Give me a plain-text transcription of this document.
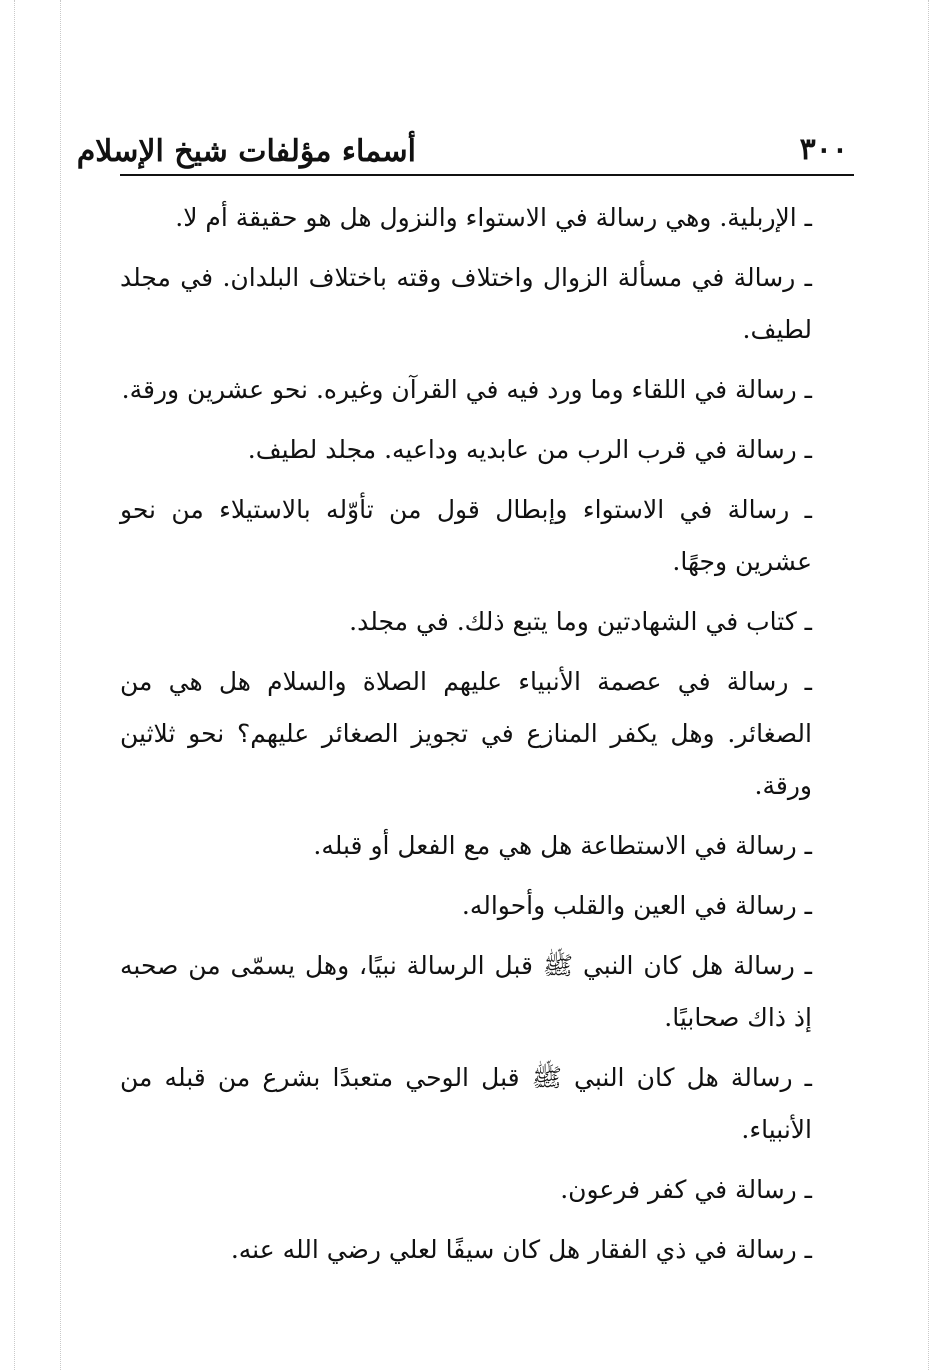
٣٠٠
أسماء مؤلفات شيخ الإسلام

ـ الإربلية. وهي رسالة في الاستواء والنزول هل هو حقيقة أم لا.

ـ رسالة في مسألة الزوال واختلاف وقته باختلاف البلدان. في مجلد لطيف.

ـ رسالة في اللقاء وما ورد فيه في القرآن وغيره. نحو عشرين ورقة.

ـ رسالة في قرب الرب من عابديه وداعيه. مجلد لطيف.

ـ رسالة في الاستواء وإبطال قول من تأوّله بالاستيلاء من نحو عشرين وجهًا.

ـ كتاب في الشهادتين وما يتبع ذلك. في مجلد.

ـ رسالة في عصمة الأنبياء عليهم الصلاة والسلام هل هي من الصغائر. وهل يكفر المنازع في تجويز الصغائر عليهم؟ نحو ثلاثين ورقة.

ـ رسالة في الاستطاعة هل هي مع الفعل أو قبله.

ـ رسالة في العين والقلب وأحواله.

ـ رسالة هل كان النبي ﷺ قبل الرسالة نبيًا، وهل يسمّى من صحبه إذ ذاك صحابيًا.

ـ رسالة هل كان النبي ﷺ قبل الوحي متعبدًا بشرع من قبله من الأنبياء.

ـ رسالة في كفر فرعون.

ـ رسالة في ذي الفقار هل كان سيفًا لعلي رضي الله عنه.
